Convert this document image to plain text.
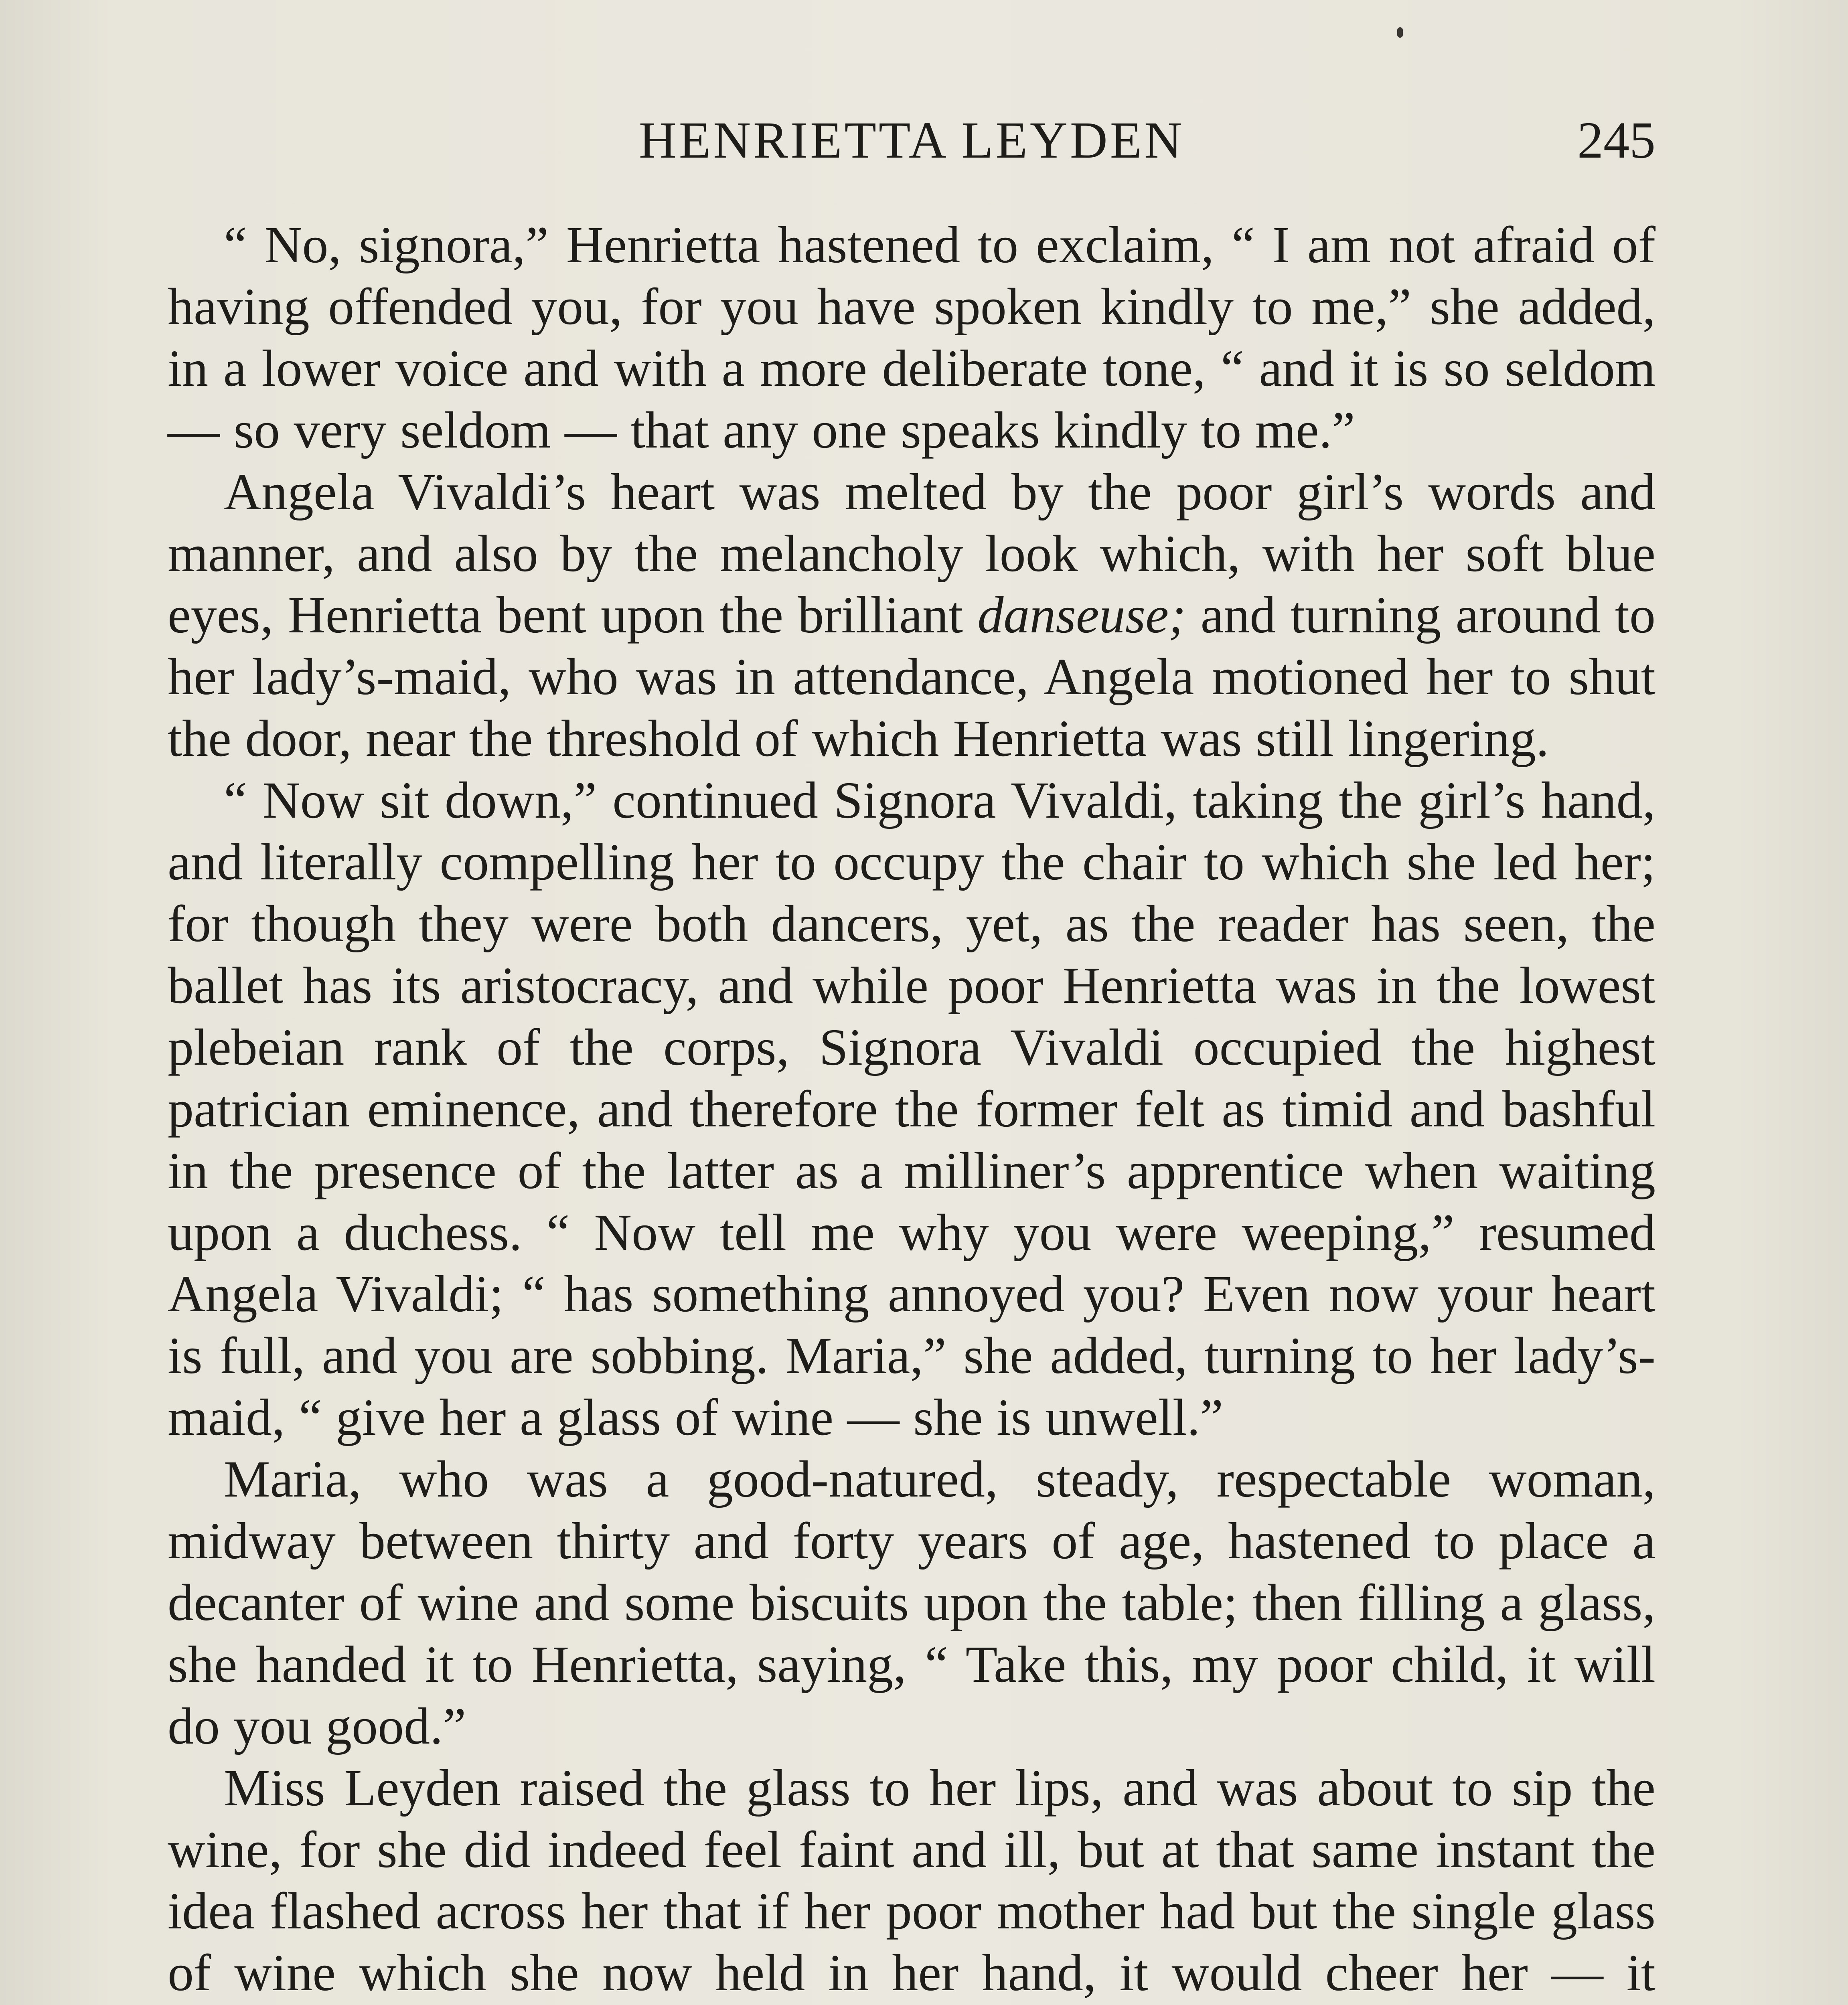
HENRIETTA LEYDEN	245

“ No, signora,” Henrietta hastened to exclaim, “ I am not afraid of having offended you, for you have spoken kindly to me,” she added, in a lower voice and with a more deliberate tone, “ and it is so seldom — so very seldom — that any one speaks kindly to me.”

Angela Vivaldi’s heart was melted by the poor girl’s words and manner, and also by the melancholy look which, with her soft blue eyes, Henrietta bent upon the brilliant danseuse; and turning around to her lady’s-maid, who was in attendance, Angela motioned her to shut the door, near the threshold of which Henrietta was still lingering.

“ Now sit down,” continued Signora Vivaldi, taking the girl’s hand, and literally compelling her to occupy the chair to which she led her; for though they were both dancers, yet, as the reader has seen, the ballet has its aristocracy, and while poor Henrietta was in the lowest plebeian rank of the corps, Signora Vivaldi occupied the highest patrician eminence, and therefore the former felt as timid and bashful in the presence of the latter as a milliner’s apprentice when waiting upon a duchess. “ Now tell me why you were weeping,” resumed Angela Vivaldi; “ has something annoyed you? Even now your heart is full, and you are sobbing. Maria,” she added, turning to her lady’s-maid, “ give her a glass of wine — she is unwell.”

Maria, who was a good-natured, steady, respectable woman, midway between thirty and forty years of age, hastened to place a decanter of wine and some biscuits upon the table; then filling a glass, she handed it to Henrietta, saying, “ Take this, my poor child, it will do you good.”

Miss Leyden raised the glass to her lips, and was about to sip the wine, for she did indeed feel faint and ill, but at that same instant the idea flashed across her that if her poor mother had but the single glass of wine which she now held in her hand, it would cheer her — it
